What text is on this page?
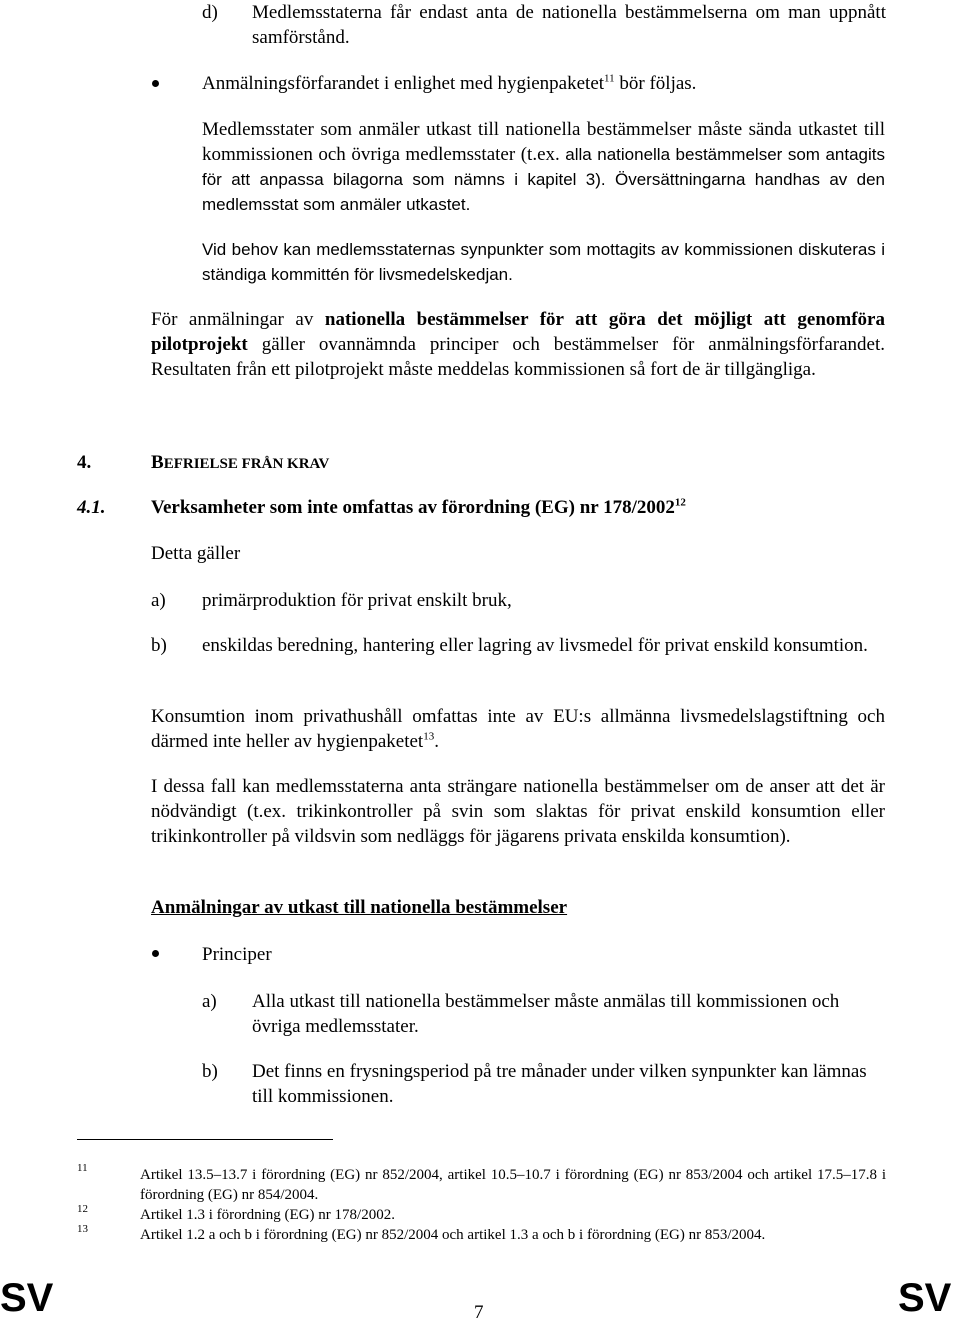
d) Medlemsstaterna får endast anta de nationella bestämmelserna om man uppnått samförstånd.
Anmälningsförfarandet i enlighet med hygienpaketet$^{11}$ bör följas.
Medlemsstater som anmäler utkast till nationella bestämmelser måste sända utkastet till kommissionen och övriga medlemsstater (t.ex. alla nationella bestämmelser som antagits för att anpassa bilagorna som nämns i kapitel 3). Översättningarna handhas av den medlemsstat som anmäler utkastet.
Vid behov kan medlemsstaternas synpunkter som mottagits av kommissionen diskuteras i ständiga kommittén för livsmedelskedjan.
För anmälningar av nationella bestämmelser för att göra det möjligt att genomföra pilotprojekt gäller ovannämnda principer och bestämmelser för anmälningsförfarandet. Resultaten från ett pilotprojekt måste meddelas kommissionen så fort de är tillgängliga.
4.	BEFRIELSE FRÅN KRAV
4.1. Verksamheter som inte omfattas av förordning (EG) nr 178/2002$^{12}$
Detta gäller
a) primärproduktion för privat enskilt bruk,
b) enskildas beredning, hantering eller lagring av livsmedel för privat enskild konsumtion.
Konsumtion inom privathushåll omfattas inte av EU:s allmänna livsmedelslagstiftning och därmed inte heller av hygienpaketet$^{13}$.
I dessa fall kan medlemsstaterna anta strängare nationella bestämmelser om de anser att det är nödvändigt (t.ex. trikinkontroller på svin som slaktas för privat enskild konsumtion eller trikinkontroller på vildsvin som nedläggs för jägarens privata enskilda konsumtion).
Anmälningar av utkast till nationella bestämmelser
Principer
a) Alla utkast till nationella bestämmelser måste anmälas till kommissionen och övriga medlemsstater.
b) Det finns en frysningsperiod på tre månader under vilken synpunkter kan lämnas till kommissionen.
11	Artikel 13.5–13.7 i förordning (EG) nr 852/2004, artikel 10.5–10.7 i förordning (EG) nr 853/2004 och artikel 17.5–17.8 i förordning (EG) nr 854/2004.
12	Artikel 1.3 i förordning (EG) nr 178/2002.
13	Artikel 1.2 a och b i förordning (EG) nr 852/2004 och artikel 1.3 a och b i förordning (EG) nr 853/2004.
SV	7	SV
